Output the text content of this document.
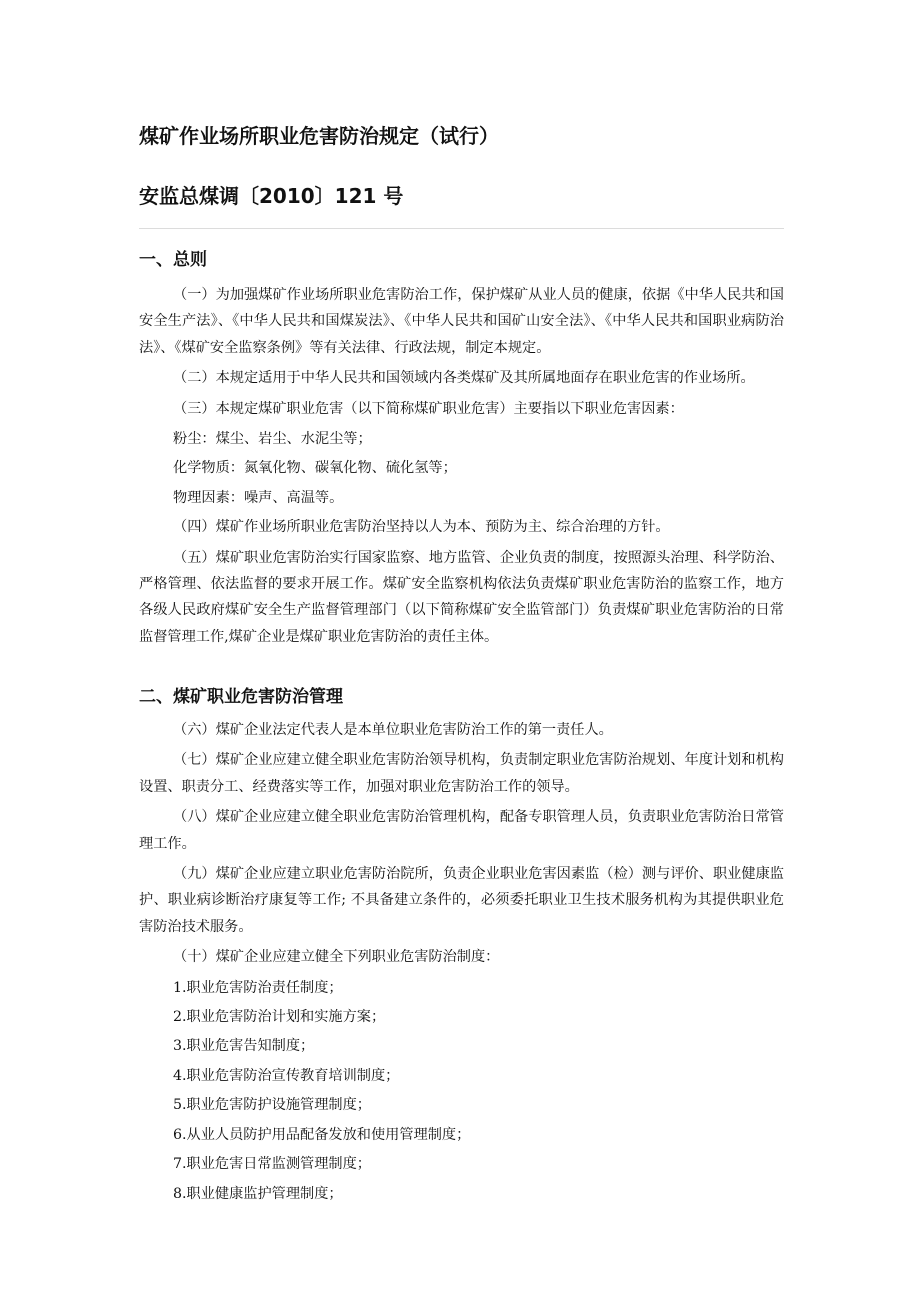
煤矿作业场所职业危害防治规定（试行）
安监总煤调〔2010〕121 号
一、总则

（一）为加强煤矿作业场所职业危害防治工作，保护煤矿从业人员的健康，依据《中华人民共和国安全生产法》、《中华人民共和国煤炭法》、《中华人民共和国矿山安全法》、《中华人民共和国职业病防治法》、《煤矿安全监察条例》等有关法律、行政法规，制定本规定。

（二）本规定适用于中华人民共和国领域内各类煤矿及其所属地面存在职业危害的作业场所。

（三）本规定煤矿职业危害（以下简称煤矿职业危害）主要指以下职业危害因素：

粉尘：煤尘、岩尘、水泥尘等；

化学物质：氮氧化物、碳氧化物、硫化氢等；

物理因素：噪声、高温等。

（四）煤矿作业场所职业危害防治坚持以人为本、预防为主、综合治理的方针。

（五）煤矿职业危害防治实行国家监察、地方监管、企业负责的制度，按照源头治理、科学防治、严格管理、依法监督的要求开展工作。煤矿安全监察机构依法负责煤矿职业危害防治的监察工作，地方各级人民政府煤矿安全生产监督管理部门（以下简称煤矿安全监管部门）负责煤矿职业危害防治的日常监督管理工作,煤矿企业是煤矿职业危害防治的责任主体。

二、煤矿职业危害防治管理

（六）煤矿企业法定代表人是本单位职业危害防治工作的第一责任人。

（七）煤矿企业应建立健全职业危害防治领导机构，负责制定职业危害防治规划、年度计划和机构设置、职责分工、经费落实等工作，加强对职业危害防治工作的领导。

（八）煤矿企业应建立健全职业危害防治管理机构，配备专职管理人员，负责职业危害防治日常管理工作。

（九）煤矿企业应建立职业危害防治院所，负责企业职业危害因素监（检）测与评价、职业健康监护、职业病诊断治疗康复等工作; 不具备建立条件的，必须委托职业卫生技术服务机构为其提供职业危害防治技术服务。

（十）煤矿企业应建立健全下列职业危害防治制度：

1.职业危害防治责任制度；

2.职业危害防治计划和实施方案；

3.职业危害告知制度；

4.职业危害防治宣传教育培训制度；

5.职业危害防护设施管理制度；

6.从业人员防护用品配备发放和使用管理制度；

7.职业危害日常监测管理制度；

8.职业健康监护管理制度；
